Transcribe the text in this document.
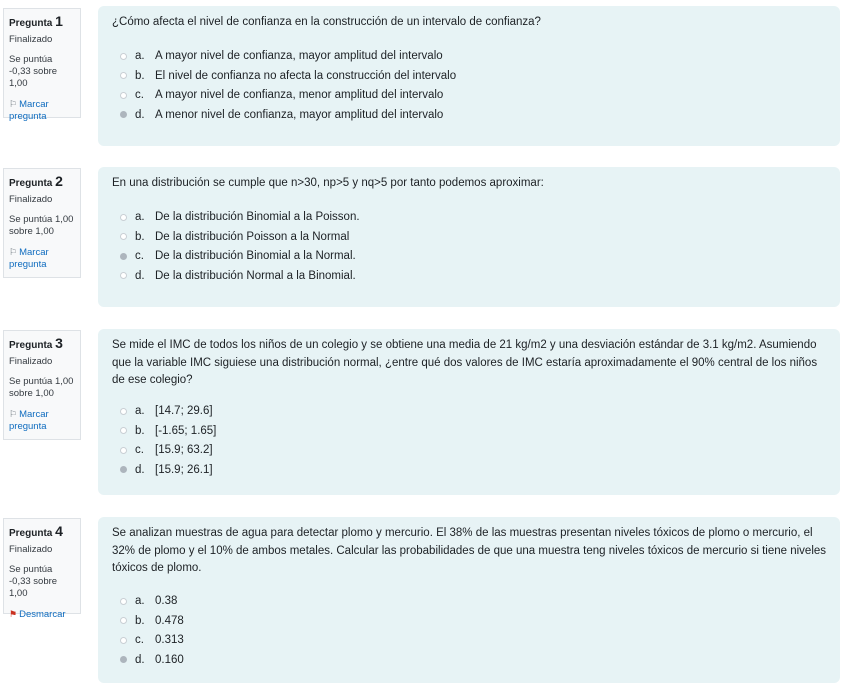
Pregunta 1
Finalizado
Se puntúa -0,33 sobre 1,00
⚐ Marcar pregunta
¿Cómo afecta el nivel de confianza en la construcción de un intervalo de confianza?
a. A mayor nivel de confianza, mayor amplitud del intervalo
b. El nivel de confianza no afecta la construcción del intervalo
c. A mayor nivel de confianza, menor amplitud del intervalo
d. A menor nivel de confianza, mayor amplitud del intervalo
Pregunta 2
Finalizado
Se puntúa 1,00 sobre 1,00
⚐ Marcar pregunta
En una distribución se cumple que n>30, np>5 y nq>5 por tanto podemos aproximar:
a. De la distribución Binomial a la Poisson.
b. De la distribución Poisson a la Normal
c. De la distribución Binomial a la Normal.
d. De la distribución Normal a la Binomial.
Pregunta 3
Finalizado
Se puntúa 1,00 sobre 1,00
⚐ Marcar pregunta
Se mide el IMC de todos los niños de un colegio y se obtiene una media de 21 kg/m2 y una desviación estándar de 3.1 kg/m2. Asumiendo que la variable IMC siguiese una distribución normal, ¿entre qué dos valores de IMC estaría aproximadamente el 90% central de los niños de ese colegio?
a. [14.7; 29.6]
b. [-1.65; 1.65]
c. [15.9; 63.2]
d. [15.9; 26.1]
Pregunta 4
Finalizado
Se puntúa -0,33 sobre 1,00
⚑ Desmarcar
Se analizan muestras de agua para detectar plomo y mercurio. El 38% de las muestras presentan niveles tóxicos de plomo o mercurio, el 32% de plomo y el 10% de ambos metales. Calcular las probabilidades de que una muestra teng niveles tóxicos de mercurio si tiene niveles tóxicos de plomo.
a. 0.38
b. 0.478
c. 0.313
d. 0.160
